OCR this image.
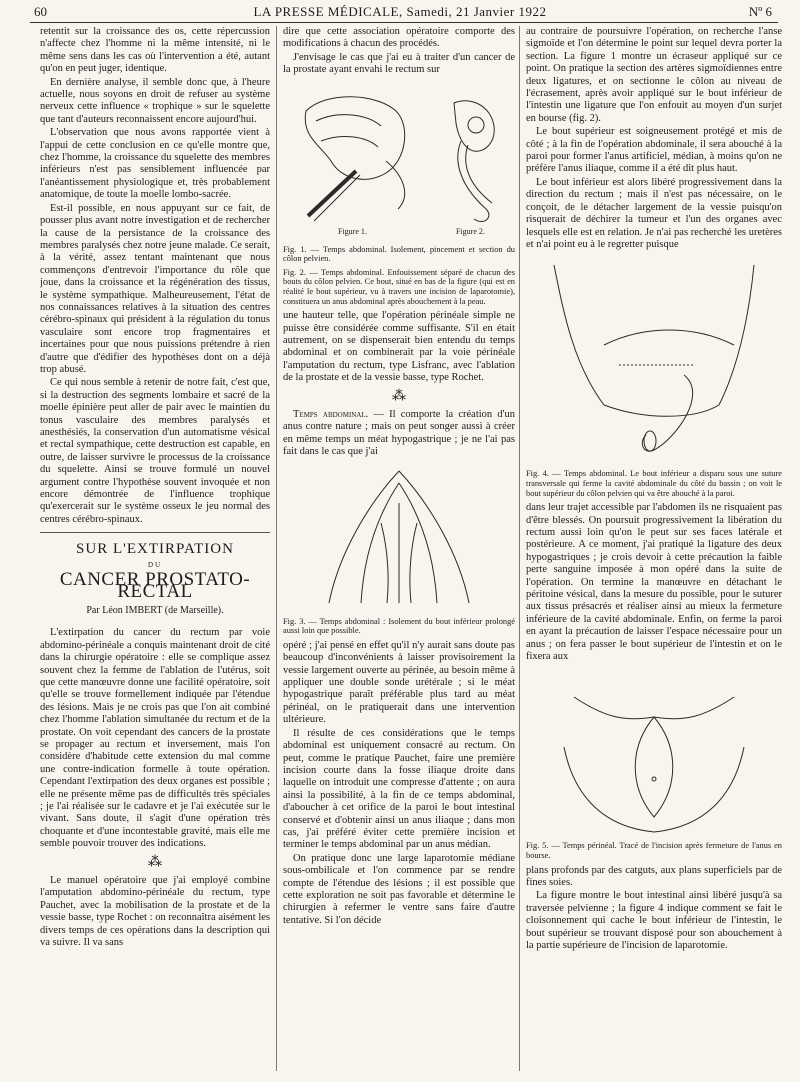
60	LA PRESSE MÉDICALE, Samedi, 21 Janvier 1922	Nº 6

retentit sur la croissance des os, cette répercussion n'affecte chez l'homme ni la même intensité, ni le même sens dans les cas où l'intervention a été, autant qu'on en peut juger, identique.

En dernière analyse, il semble donc que, à l'heure actuelle, nous soyons en droit de refuser au système nerveux cette influence « trophique » sur le squelette que tant d'auteurs reconnaissent encore aujourd'hui.

L'observation que nous avons rapportée vient à l'appui de cette conclusion en ce qu'elle montre que, chez l'homme, la croissance du squelette des membres inférieurs n'est pas sensiblement influencée par l'anéantissement physiologique et, très probablement anatomique, de toute la moelle lombo-sacrée.

Est-il possible, en nous appuyant sur ce fait, de pousser plus avant notre investigation et de rechercher la cause de la persistance de la croissance des membres paralysés chez notre jeune malade. Ce serait, à la vérité, assez tentant maintenant que nous commençons d'entrevoir l'importance du rôle que joue, dans la croissance et la régénération des tissus, le système sympathique. Malheureusement, l'état de nos connaissances relatives à la situation des centres cérébro-spinaux qui président à la régulation du tonus vasculaire sont encore trop fragmentaires et incertaines pour que nous puissions prétendre à rien d'autre que d'édifier des hypothèses dont on a déjà trop abusé.

Ce qui nous semble à retenir de notre fait, c'est que, si la destruction des segments lombaire et sacré de la moelle épinière peut aller de pair avec le maintien du tonus vasculaire des membres paralysés et anesthésiés, la conservation d'un automatisme vésical et rectal sympathique, cette destruction est capable, en outre, de laisser survivre le processus de la croissance du squelette. Ainsi se trouve formulé un nouvel argument contre l'hypothèse souvent invoquée et non encore démontrée de l'influence trophique qu'exercerait sur le système osseux le jeu normal des centres cérébro-spinaux.

SUR L'EXTIRPATION
DU
CANCER PROSTATO-RECTAL
Par Léon IMBERT (de Marseille).

L'extirpation du cancer du rectum par voie abdomino-périnéale a conquis maintenant droit de cité dans la chirurgie opératoire : elle se complique assez souvent chez la femme de l'ablation de l'utérus, soit que cette manœuvre donne une facilité opératoire, soit qu'elle se trouve formellement indiquée par l'étendue des lésions. Mais je ne crois pas que l'on ait combiné chez l'homme l'ablation simultanée du rectum et de la prostate. On voit cependant des cancers de la prostate se propager au rectum et inversement, mais l'on considère d'habitude cette extension du mal comme une contre-indication formelle à toute opération. Cependant l'extirpation des deux organes est possible ; elle ne présente même pas de difficultés très spéciales ; je l'ai réalisée sur le cadavre et je l'ai exécutée sur le vivant. Sans doute, il s'agit d'une opération très choquante et d'une incontestable gravité, mais elle me semble pouvoir trouver des indications.

⁂

Le manuel opératoire que j'ai employé combine l'amputation abdomino-périnéale du rectum, type Pauchet, avec la mobilisation de la prostate et de la vessie basse, type Rochet : on reconnaîtra aisément les divers temps de ces opérations dans la description qui va suivre. Il va sans

dire que cette association opératoire comporte des modifications à chacun des procédés.

J'envisage le cas que j'ai eu à traiter d'un cancer de la prostate ayant envahi le rectum sur

Figure 1.	Figure 2.

Fig. 1. — Temps abdominal. Isolement, pincement et section du côlon pelvien.

Fig. 2. — Temps abdominal. Enfouissement séparé de chacun des bouts du côlon pelvien. Ce bout, situé en bas de la figure (qui est en réalité le bout supérieur, vu à travers une incision de laparotomie), constituera un anus abdominal après abouchement à la peau.

une hauteur telle, que l'opération périnéale simple ne puisse être considérée comme suffisante. S'il en était autrement, on se dispenserait bien entendu du temps abdominal et on combinerait par la voie périnéale l'amputation du rectum, type Lisfranc, avec l'ablation de la prostate et de la vessie basse, type Rochet.

⁂

Temps abdominal. — Il comporte la création d'un anus contre nature ; mais on peut songer aussi à créer en même temps un méat hypogastrique ; je ne l'ai pas fait dans le cas que j'ai

Fig. 3. — Temps abdominal : Isolement du bout inférieur prolongé aussi loin que possible.

opéré ; j'ai pensé en effet qu'il n'y aurait sans doute pas beaucoup d'inconvénients à laisser provisoirement la vessie largement ouverte au périnée, au besoin même à appliquer une double sonde urétérale ; si le méat hypogastrique paraît préférable plus tard au méat périnéal, on le pratiquerait dans une intervention ultérieure.

Il résulte de ces considérations que le temps abdominal est uniquement consacré au rectum. On peut, comme le pratique Pauchet, faire une première incision courte dans la fosse iliaque droite dans laquelle on introduit une compresse d'attente ; on aura ainsi la possibilité, à la fin de ce temps abdominal, d'aboucher à cet orifice de la paroi le bout intestinal conservé et d'obtenir ainsi un anus iliaque ; dans mon cas, j'ai préféré éviter cette première incision et terminer le temps abdominal par un anus médian.

On pratique donc une large laparotomie médiane sous-ombilicale et l'on commence par se rendre compte de l'étendue des lésions ; il est possible que cette exploration ne soit pas favorable et détermine le chirurgien à refermer le ventre sans faire d'autre tentative. Si l'on décide

au contraire de poursuivre l'opération, on recherche l'anse sigmoïde et l'on détermine le point sur lequel devra porter la section. La figure 1 montre un écraseur appliqué sur ce point. On pratique la section des artères sigmoïdiennes entre deux ligatures, et on sectionne le côlon au niveau de l'écrasement, après avoir appliqué sur le bout inférieur de l'intestin une ligature que l'on enfouit au moyen d'un surjet en bourse (fig. 2).

Le bout supérieur est soigneusement protégé et mis de côté ; à la fin de l'opération abdominale, il sera abouché à la paroi pour former l'anus artificiel, médian, à moins qu'on ne préfère l'anus iliaque, comme il a été dit plus haut.

Le bout inférieur est alors libéré progressivement dans la direction du rectum ; mais il n'est pas nécessaire, on le conçoit, de le détacher largement de la vessie puisqu'on risquerait de déchirer la tumeur et l'un des organes avec lesquels elle est en relation. Je n'ai pas recherché les uretères et n'ai point eu à le regretter puisque

Fig. 4. — Temps abdominal. Le bout inférieur a disparu sous une suture transversale qui ferme la cavité abdominale du côté du bassin ; on voit le bout supérieur du côlon pelvien qui va être abouché à la paroi.

dans leur trajet accessible par l'abdomen ils ne risquaient pas d'être blessés. On poursuit progressivement la libération du rectum aussi loin qu'on le peut sur ses faces latérale et postérieure. A ce moment, j'ai pratiqué la ligature des deux hypogastriques ; je crois devoir à cette précaution la faible perte sanguine imposée à mon opéré dans la suite de l'opération. On termine la manœuvre en détachant le péritoine vésical, dans la mesure du possible, pour le suturer aux tissus présacrés et réaliser ainsi au mieux la fermeture inférieure de la cavité abdominale. Enfin, on ferme la paroi en ayant la précaution de laisser l'espace nécessaire pour un anus ; on fera passer le bout supérieur de l'intestin et on le fixera aux

Fig. 5. — Temps périnéal. Tracé de l'incision après fermeture de l'anus en bourse.

plans profonds par des catguts, aux plans superficiels par de fines soies.

La figure montre le bout intestinal ainsi libéré jusqu'à sa traversée pelvienne ; la figure 4 indique comment se fait le cloisonnement qui cache le bout inférieur de l'intestin, le bout supérieur se trouvant disposé pour son abouchement à la partie supérieure de l'incision de laparotomie.
